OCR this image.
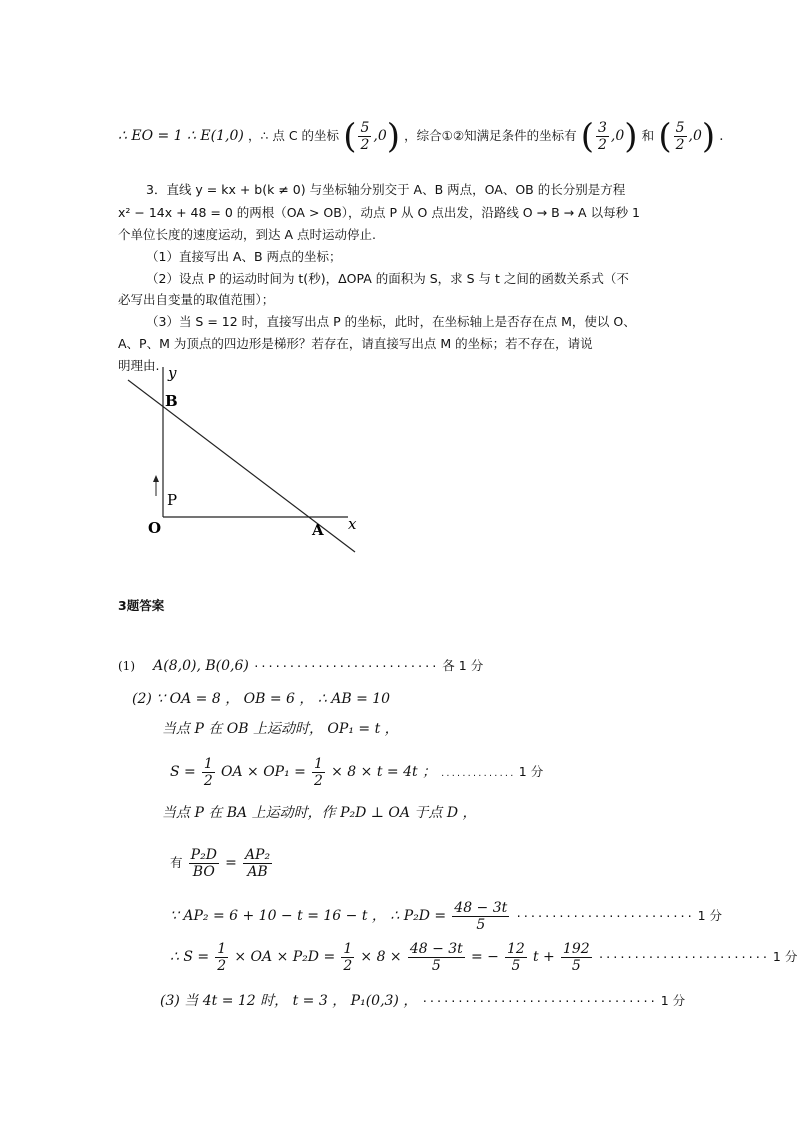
∴ EO = 1 ∴ E(1,0) ，∴ 点 C 的坐标 ( $\frac{5}{2} ,0$) ，综合①②知满足条件的坐标有 ( $\frac{3}{2} ,0$) 和 ( $\frac{5}{2} ,0$) .
3．直线 y = kx + b(k ≠ 0) 与坐标轴分别交于 A、B 两点，OA、OB 的长分别是方程
x² − 14x + 48 = 0 的两根（OA > OB），动点 P 从 O 点出发，沿路线 O → B → A 以每秒 1
个单位长度的速度运动，到达 A 点时运动停止.
（1）直接写出 A、B 两点的坐标；
（2）设点 P 的运动时间为 t(秒)，ΔOPA 的面积为 S，求 S 与 t 之间的函数关系式（不
必写出自变量的取值范围）；
（3）当 S = 12 时，直接写出点 P 的坐标，此时，在坐标轴上是否存在点 M，使以 O、
A、P、M 为顶点的四边形是梯形？若存在，请直接写出点 M 的坐标；若不存在，请说
明理由. y
x
B
P
O	A
3题答案
(1) A(8,0), B(0,6) ·························· 各 1 分
(2) ∵ OA = 8 ， OB = 6 ， ∴ AB = 10
当点 P 在 OB 上运动时， OP₁ = t ，
$S = \frac{1}{2}$ OA × $OP_1 = \frac{1}{2} \times 8 \times t = 4t$ ； .............. 1 分
当点 P 在 BA 上运动时，作 P₂D ⊥ OA 于点 D ，
有 $\frac{\text{P₂D}}{BO} = \frac{\text{AP₂}}{AB}$
∵ AP₂ = 6 + 10 − t = 16 − t ， ∴ $P_2D = \frac{48 - 3t}{5}$ ························· 1 分
∴ $S = \frac{1}{2}$ × OA × $P_2D = \frac{1}{2} \times 8 \times \frac{48 - 3t}{5}$ = − $\frac{12}{5}$ $t + \frac{192}{5}$ ························ 1 分
(3) 当 4t = 12 时， t = 3 ， P₁(0,3) ， ································· 1 分
